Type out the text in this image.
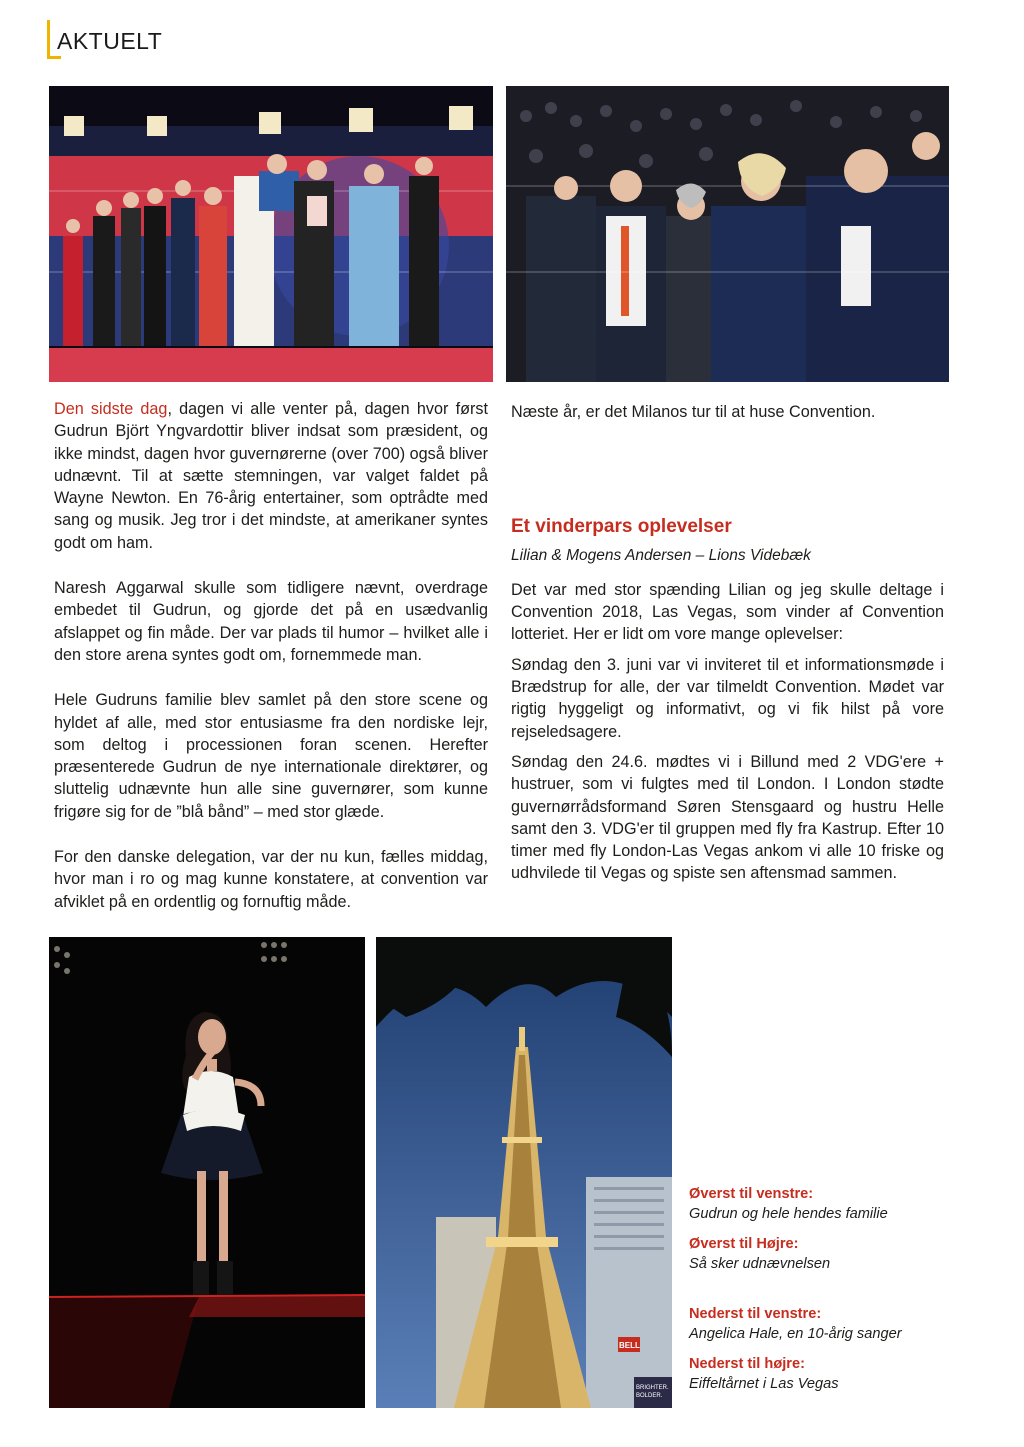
AKTUELT

Den sidste dag, dagen vi alle venter på, dagen hvor først Gudrun Björt Yngvardottir bliver indsat som præsident, og ikke mindst, dagen hvor guvernørerne (over 700) også bliver udnævnt. Til at sætte stemningen, var valget faldet på Wayne Newton. En 76-årig entertainer, som optrådte med sang og musik. Jeg tror i det mindste, at amerikaner syntes godt om ham.

Naresh Aggarwal skulle som tidligere nævnt, overdrage embedet til Gudrun, og gjorde det på en usædvanlig afslappet og fin måde. Der var plads til humor – hvilket alle i den store arena syntes godt om, fornemmede man.

Hele Gudruns familie blev samlet på den store scene og hyldet af alle, med stor entusiasme fra den nordiske lejr, som deltog i processionen foran scenen. Herefter præsenterede Gudrun de nye internationale direktører, og sluttelig udnævnte hun alle sine guvernører, som kunne frigøre sig for de ”blå bånd” – med stor glæde.

For den danske delegation, var der nu kun, fælles middag, hvor man i ro og mag kunne konstatere, at convention var afviklet på en ordentlig og fornuftig måde.

Næste år, er det Milanos tur til at huse Convention.

Et vinderpars oplevelser
Lilian & Mogens Andersen – Lions Videbæk

Det var med stor spænding Lilian og jeg skulle deltage i Convention 2018, Las Vegas, som vinder af Convention lotteriet. Her er lidt om vore mange oplevelser:

Søndag den 3. juni var vi inviteret til et informationsmøde i Brædstrup for alle, der var tilmeldt Convention. Mødet var rigtig hyggeligt og informativt, og vi fik hilst på vore rejseledsagere.

Søndag den 24.6. mødtes vi i Billund med 2 VDG'ere + hustruer, som vi fulgtes med til London. I London stødte guvernørrådsformand Søren Stensgaard og hustru Helle samt den 3. VDG'er til gruppen med fly fra Kastrup. Efter 10 timer med fly London-Las Vegas ankom vi alle 10 friske og udhvilede til Vegas og spiste sen aftensmad sammen.

BELL
BRIGHTER.
BOLDER.
Øverst til venstre:
Gudrun og hele hendes familie
Øverst til Højre:
Så sker udnævnelsen
Nederst til venstre:
Angelica Hale, en 10-årig sanger
Nederst til højre:
Eiffeltårnet i Las Vegas
